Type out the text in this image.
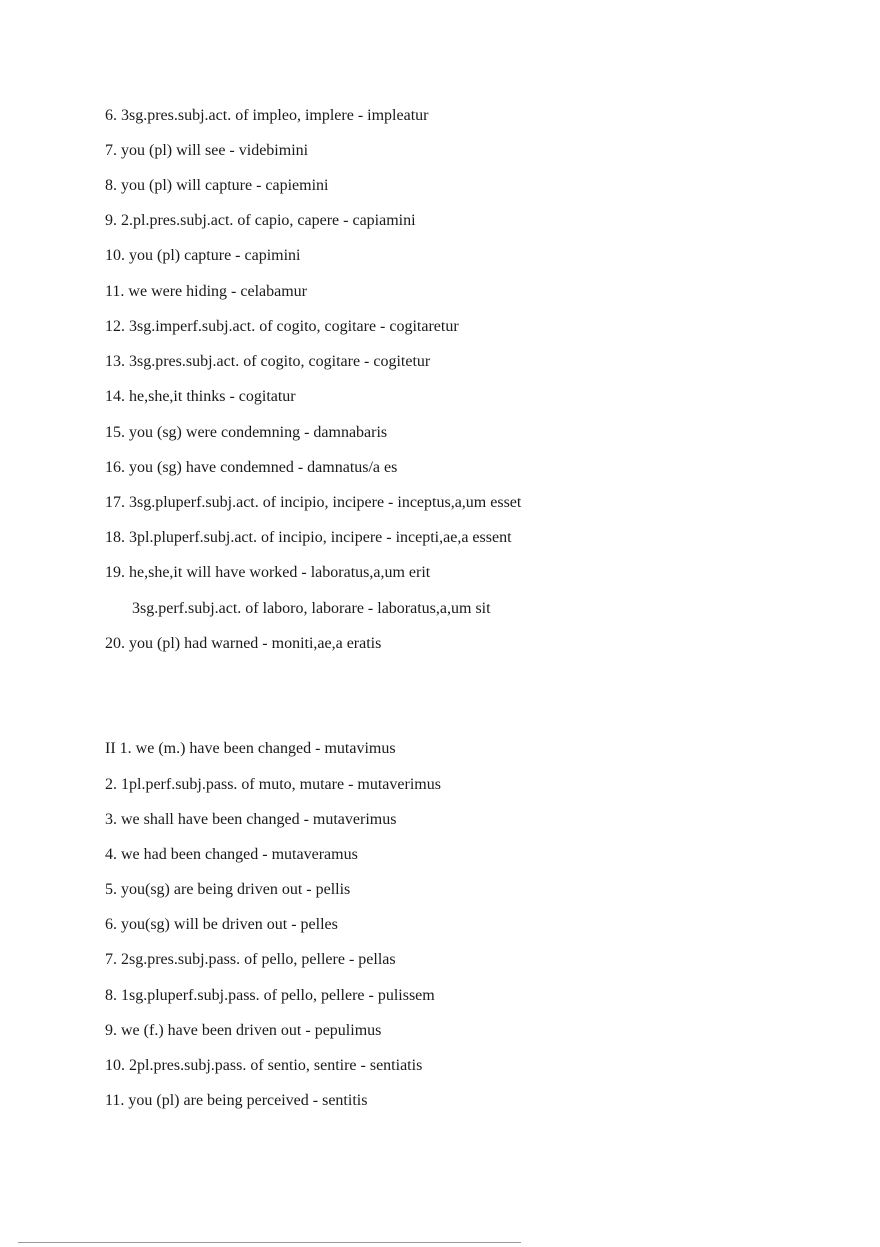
6. 3sg.pres.subj.act. of impleo, implere - impleatur
7. you (pl) will see - videbimini
8. you (pl) will capture - capiemini
9. 2.pl.pres.subj.act. of capio, capere - capiamini
10. you (pl) capture - capimini
11. we were hiding - celabamur
12. 3sg.imperf.subj.act. of cogito, cogitare - cogitaretur
13. 3sg.pres.subj.act. of cogito, cogitare - cogitetur
14. he,she,it thinks - cogitatur
15. you (sg) were condemning - damnabaris
16. you (sg) have condemned - damnatus/a es
17. 3sg.pluperf.subj.act. of incipio, incipere - inceptus,a,um esset
18. 3pl.pluperf.subj.act. of incipio, incipere - incepti,ae,a essent
19. he,she,it will have worked - laboratus,a,um erit
3sg.perf.subj.act. of laboro, laborare - laboratus,a,um sit
20. you (pl) had warned - moniti,ae,a eratis
II 1. we (m.) have been changed - mutavimus
2. 1pl.perf.subj.pass. of muto, mutare - mutaverimus
3. we shall have been changed - mutaverimus
4. we had been changed - mutaveramus
5. you(sg) are being driven out - pellis
6. you(sg) will be driven out - pelles
7. 2sg.pres.subj.pass. of pello, pellere - pellas
8. 1sg.pluperf.subj.pass. of pello, pellere - pulissem
9. we (f.) have been driven out - pepulimus
10. 2pl.pres.subj.pass. of sentio, sentire - sentiatis
11. you (pl) are being perceived - sentitis
